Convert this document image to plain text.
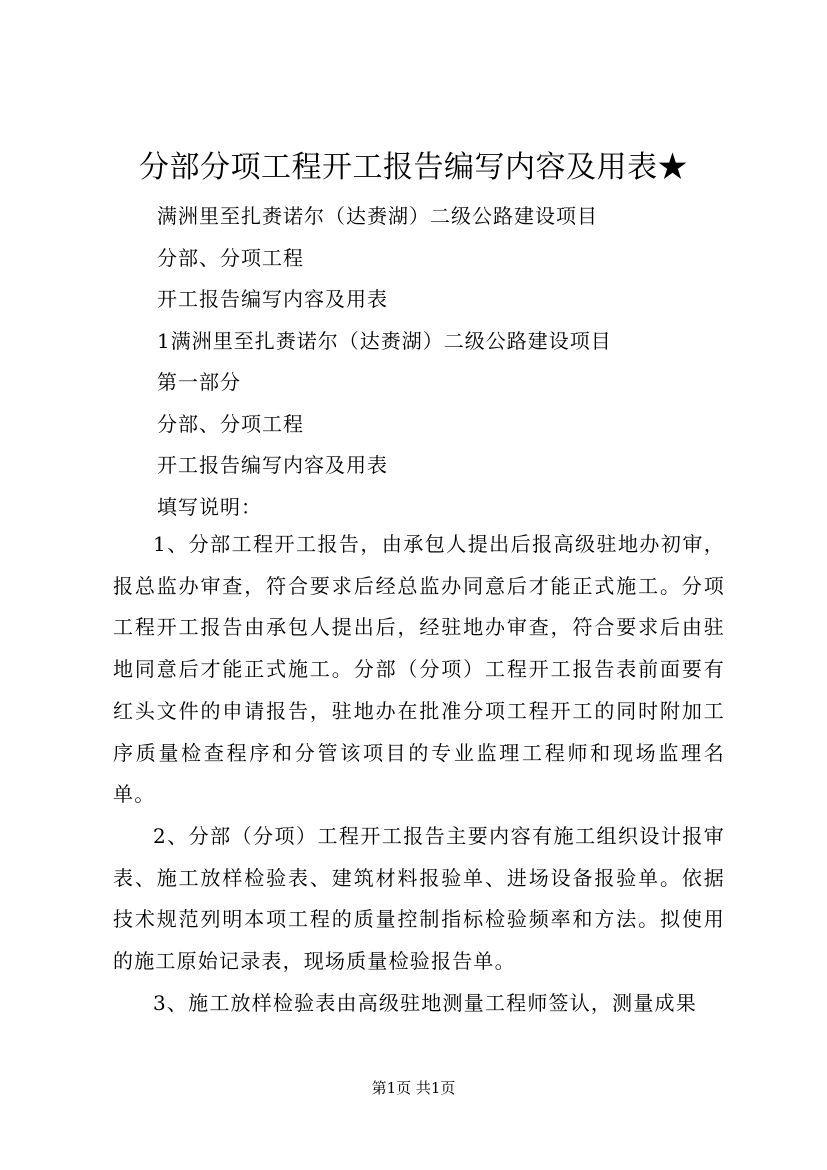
分部分项工程开工报告编写内容及用表★
满洲里至扎赉诺尔（达赉湖）二级公路建设项目
分部、分项工程
开工报告编写内容及用表
1满洲里至扎赉诺尔（达赉湖）二级公路建设项目
第一部分
分部、分项工程
开工报告编写内容及用表
填写说明：

1、分部工程开工报告，由承包人提出后报高级驻地办初审，报总监办审查，符合要求后经总监办同意后才能正式施工。分项工程开工报告由承包人提出后，经驻地办审查，符合要求后由驻地同意后才能正式施工。分部（分项）工程开工报告表前面要有红头文件的申请报告，驻地办在批准分项工程开工的同时附加工序质量检查程序和分管该项目的专业监理工程师和现场监理名单。

2、分部（分项）工程开工报告主要内容有施工组织设计报审表、施工放样检验表、建筑材料报验单、进场设备报验单。依据技术规范列明本项工程的质量控制指标检验频率和方法。拟使用的施工原始记录表，现场质量检验报告单。

3、施工放样检验表由高级驻地测量工程师签认，测量成果

第1页 共1页
